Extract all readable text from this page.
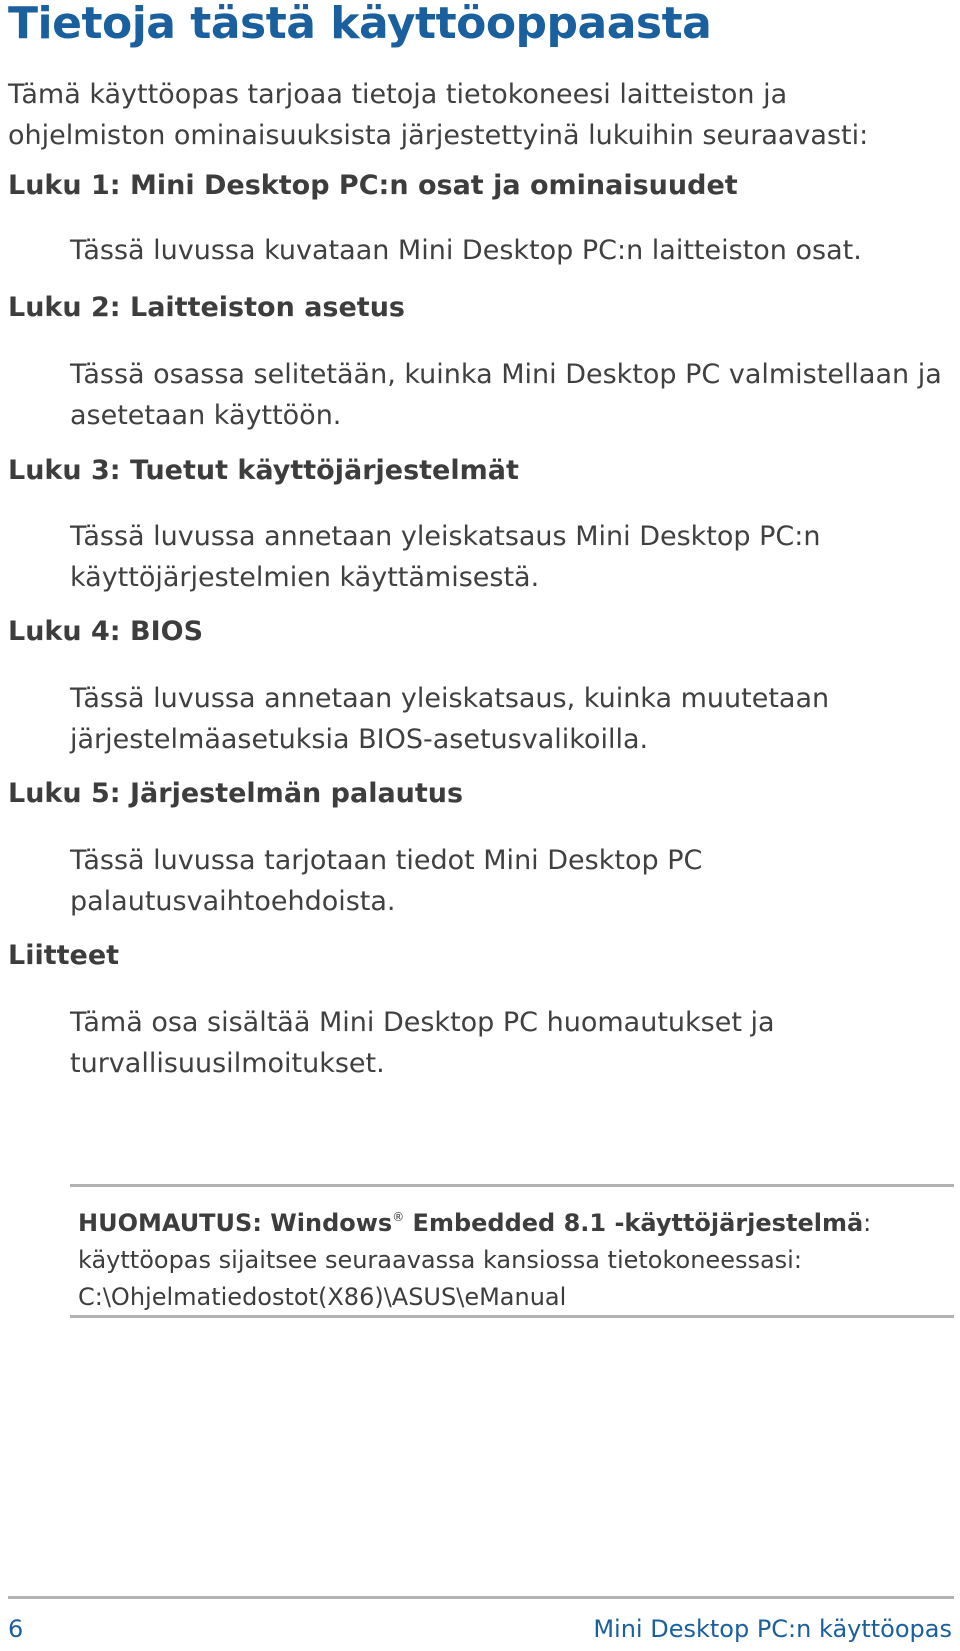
Tietoja tästä käyttöoppaasta

Tämä käyttöopas tarjoaa tietoja tietokoneesi laitteiston ja ohjelmiston ominaisuuksista järjestettyinä lukuihin seuraavasti:

Luku 1: Mini Desktop PC:n osat ja ominaisuudet

Tässä luvussa kuvataan Mini Desktop PC:n laitteiston osat.

Luku 2: Laitteiston asetus

Tässä osassa selitetään, kuinka Mini Desktop PC valmistellaan ja asetetaan käyttöön.

Luku 3: Tuetut käyttöjärjestelmät

Tässä luvussa annetaan yleiskatsaus Mini Desktop PC:n käyttöjärjestelmien käyttämisestä.

Luku 4: BIOS

Tässä luvussa annetaan yleiskatsaus, kuinka muutetaan järjestelmäasetuksia BIOS-asetusvalikoilla.

Luku 5: Järjestelmän palautus

Tässä luvussa tarjotaan tiedot Mini Desktop PC palautusvaihtoehdoista.

Liitteet

Tämä osa sisältää Mini Desktop PC huomautukset ja turvallisuusilmoitukset.

HUOMAUTUS: Windows® Embedded 8.1 -käyttöjärjestelmä:

käyttöopas sijaitsee seuraavassa kansiossa tietokoneessasi:

C:\Ohjelmatiedostot(X86)\ASUS\eManual

6	Mini Desktop PC:n käyttöopas
